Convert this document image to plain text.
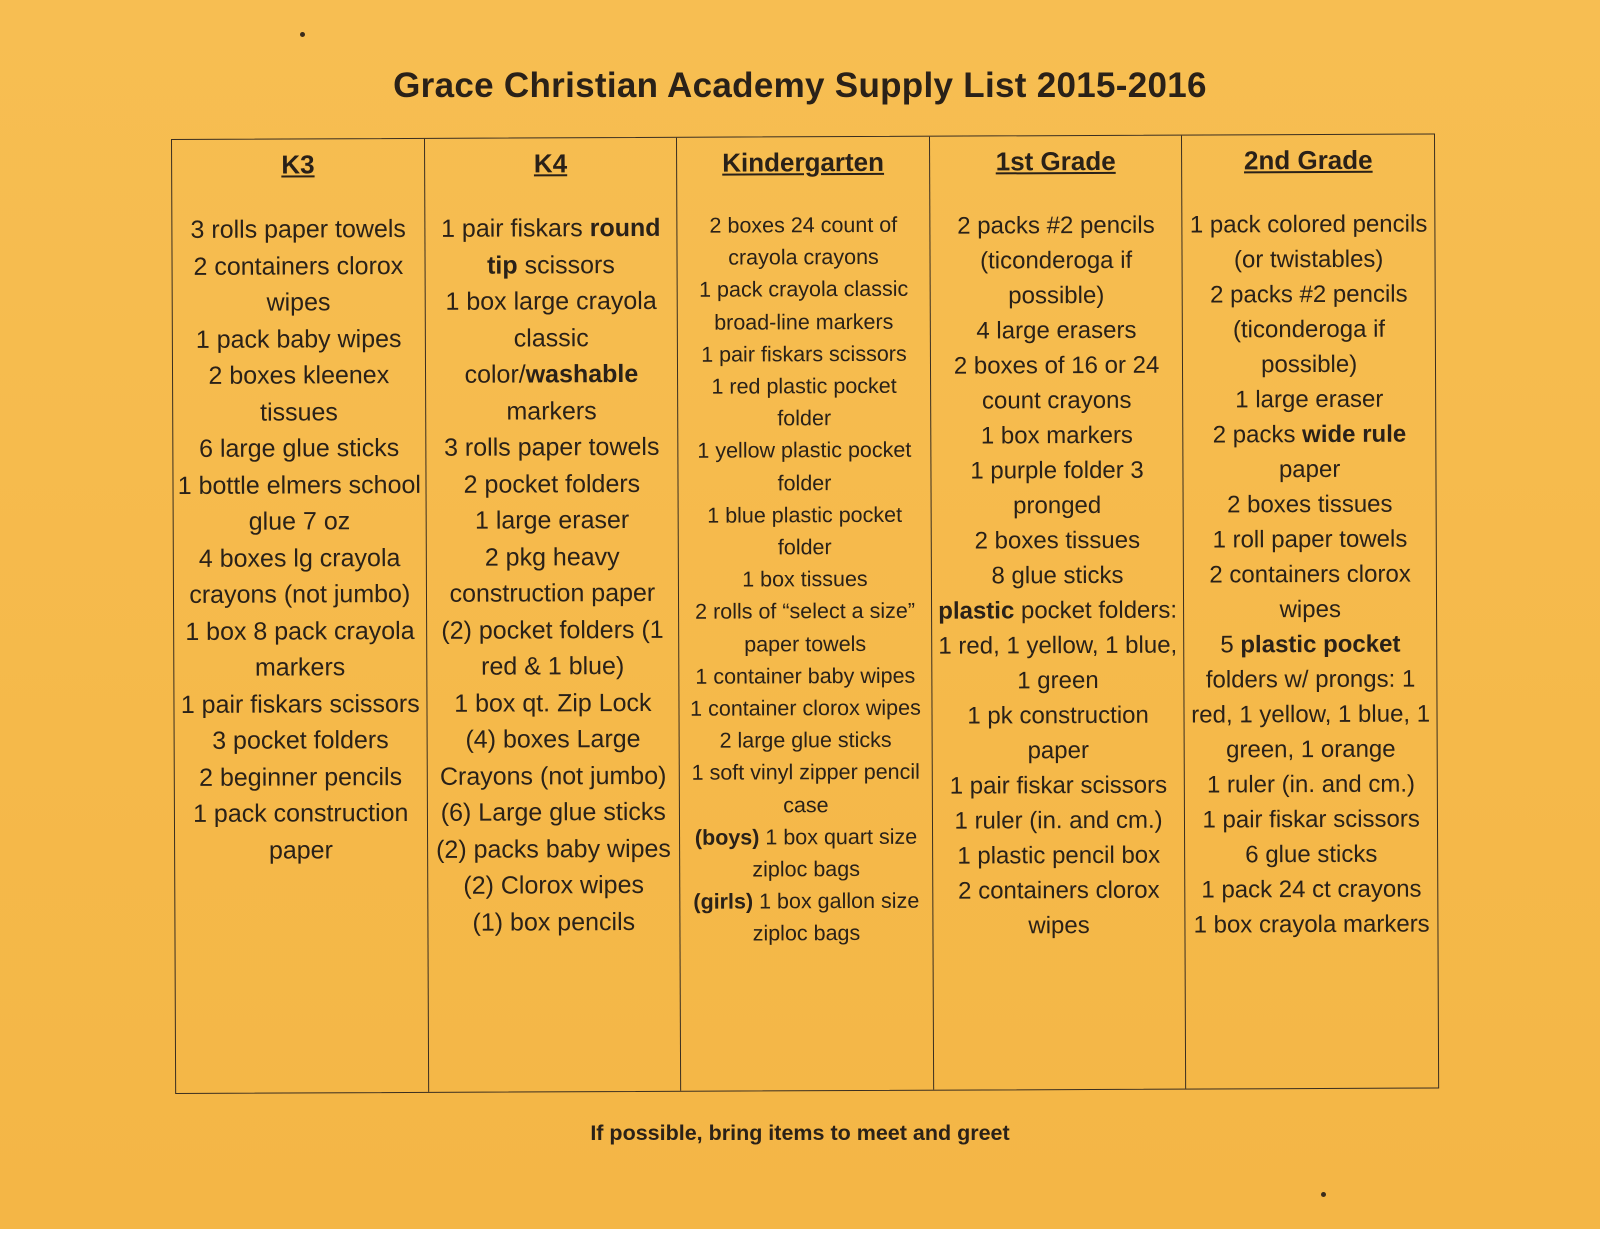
Grace Christian Academy Supply List 2015-2016
K3
3 rolls paper towels
2 containers clorox wipes
1 pack baby wipes
2 boxes kleenex tissues
6 large glue sticks
1 bottle elmers school glue 7 oz
4 boxes lg crayola crayons (not jumbo)
1 box 8 pack crayola markers
1 pair fiskars scissors
3 pocket folders
2 beginner pencils
1 pack construction paper
K4
1 pair fiskars round tip scissors
1 box large crayola classic color/washable markers
3 rolls paper towels
2 pocket folders
1 large eraser
2 pkg heavy construction paper
(2) pocket folders (1 red & 1 blue)
1 box qt. Zip Lock
(4) boxes Large Crayons (not jumbo)
(6) Large glue sticks
(2) packs baby wipes
(2) Clorox wipes
(1) box pencils
Kindergarten
2 boxes 24 count of crayola crayons
1 pack crayola classic broad-line markers
1 pair fiskars scissors
1 red plastic pocket folder
1 yellow plastic pocket folder
1 blue plastic pocket folder
1 box tissues
2 rolls of “select a size” paper towels
1 container baby wipes
1 container clorox wipes
2 large glue sticks
1 soft vinyl zipper pencil case
(boys) 1 box quart size ziploc bags
(girls) 1 box gallon size ziploc bags
1st Grade
2 packs #2 pencils (ticonderoga if possible)
4 large erasers
2 boxes of 16 or 24 count crayons
1 box markers
1 purple folder 3 pronged
2 boxes tissues
8 glue sticks
plastic pocket folders: 1 red, 1 yellow, 1 blue, 1 green
1 pk construction paper
1 pair fiskar scissors
1 ruler (in. and cm.)
1 plastic pencil box
2 containers clorox wipes
2nd Grade
1 pack colored pencils (or twistables)
2 packs #2 pencils (ticonderoga if possible)
1 large eraser
2 packs wide rule paper
2 boxes tissues
1 roll paper towels
2 containers clorox wipes
5 plastic pocket folders w/ prongs: 1 red, 1 yellow, 1 blue, 1 green, 1 orange
1 ruler (in. and cm.)
1 pair fiskar scissors
6 glue sticks
1 pack 24 ct crayons
1 box crayola markers
If possible, bring items to meet and greet
